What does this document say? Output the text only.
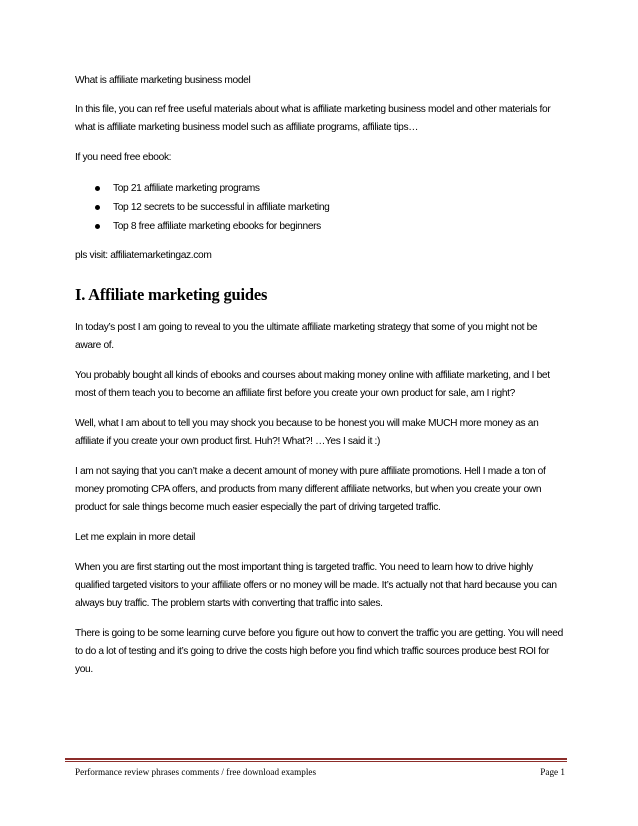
What is affiliate marketing business model

In this file, you can ref free useful materials about what is affiliate marketing business model and other materials for what is affiliate marketing business model such as affiliate programs, affiliate tips…

If you need free ebook:

Top 21 affiliate marketing programs
Top 12 secrets to be successful in affiliate marketing
Top 8 free affiliate marketing ebooks for beginners

pls visit: affiliatemarketingaz.com

I. Affiliate marketing guides

In today’s post I am going to reveal to you the ultimate affiliate marketing strategy that some of you might not be aware of.

You probably bought all kinds of ebooks and courses about making money online with affiliate marketing, and I bet most of them teach you to become an affiliate first before you create your own product for sale, am I right?

Well, what I am about to tell you may shock you because to be honest you will make MUCH more money as an affiliate if you create your own product first. Huh?! What?! …Yes I said it :)

I am not saying that you can’t make a decent amount of money with pure affiliate promotions. Hell I made a ton of money promoting CPA offers, and products from many different affiliate networks, but when you create your own product for sale things become much easier especially the part of driving targeted traffic.

Let me explain in more detail

When you are first starting out the most important thing is targeted traffic. You need to learn how to drive highly qualified targeted visitors to your affiliate offers or no money will be made. It’s actually not that hard because you can always buy traffic. The problem starts with converting that traffic into sales.

There is going to be some learning curve before you figure out how to convert the traffic you are getting. You will need to do a lot of testing and it’s going to drive the costs high before you find which traffic sources produce best ROI for you.

Performance review phrases comments / free download examples	Page 1
